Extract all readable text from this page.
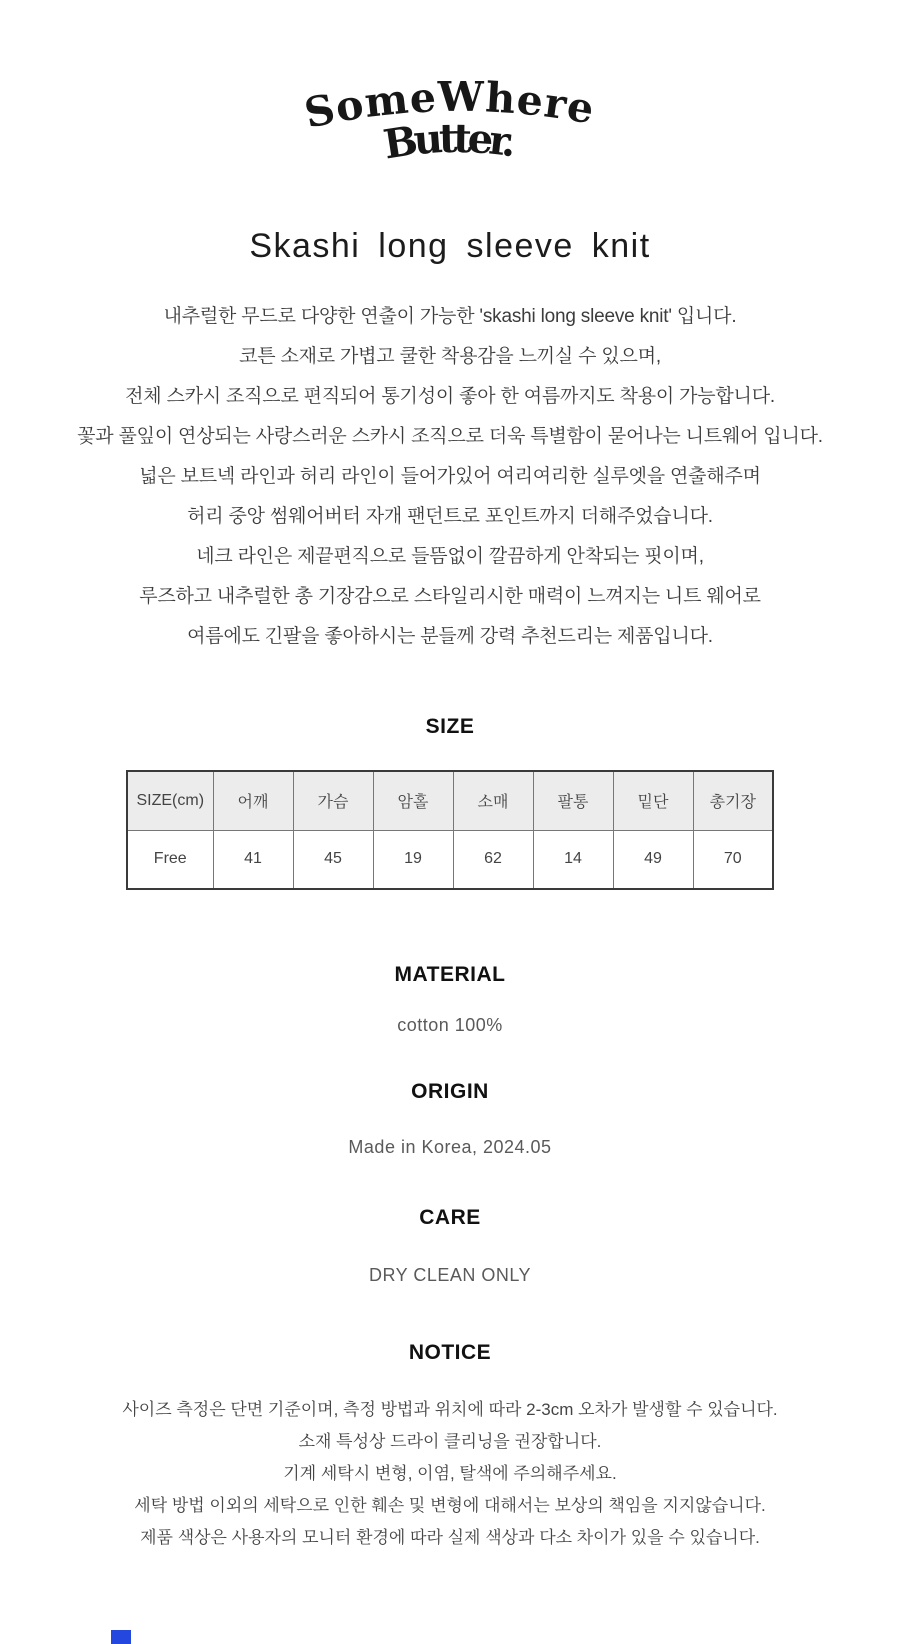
SomeWhere
Butter.
Skashi long sleeve knit
내추럴한 무드로 다양한 연출이 가능한 'skashi long sleeve knit' 입니다.
코튼 소재로 가볍고 쿨한 착용감을 느끼실 수 있으며,
전체 스카시 조직으로 편직되어 통기성이 좋아 한 여름까지도 착용이 가능합니다.
꽃과 풀잎이 연상되는 사랑스러운 스카시 조직으로 더욱 특별함이 묻어나는 니트웨어 입니다.
넓은 보트넥 라인과 허리 라인이 들어가있어 여리여리한 실루엣을 연출해주며
허리 중앙 썸웨어버터 자개 팬던트로 포인트까지 더해주었습니다.
네크 라인은 제끝편직으로 들뜸없이 깔끔하게 안착되는 핏이며,
루즈하고 내추럴한 총 기장감으로 스타일리시한 매력이 느껴지는 니트 웨어로
여름에도 긴팔을 좋아하시는 분들께 강력 추천드리는 제품입니다.
SIZE
SIZE(cm)	어깨	가슴	암홀	소매	팔통	밑단	총기장
Free	41	45	19	62	14	49	70
MATERIAL
cotton 100%
ORIGIN
Made in Korea, 2024.05
CARE
DRY CLEAN ONLY
NOTICE
사이즈 측정은 단면 기준이며, 측정 방법과 위치에 따라 2-3cm 오차가 발생할 수 있습니다.
소재 특성상 드라이 클리닝을 권장합니다.
기계 세탁시 변형, 이염, 탈색에 주의해주세요.
세탁 방법 이외의 세탁으로 인한 훼손 및 변형에 대해서는 보상의 책임을 지지않습니다.
제품 색상은 사용자의 모니터 환경에 따라 실제 색상과 다소 차이가 있을 수 있습니다.
